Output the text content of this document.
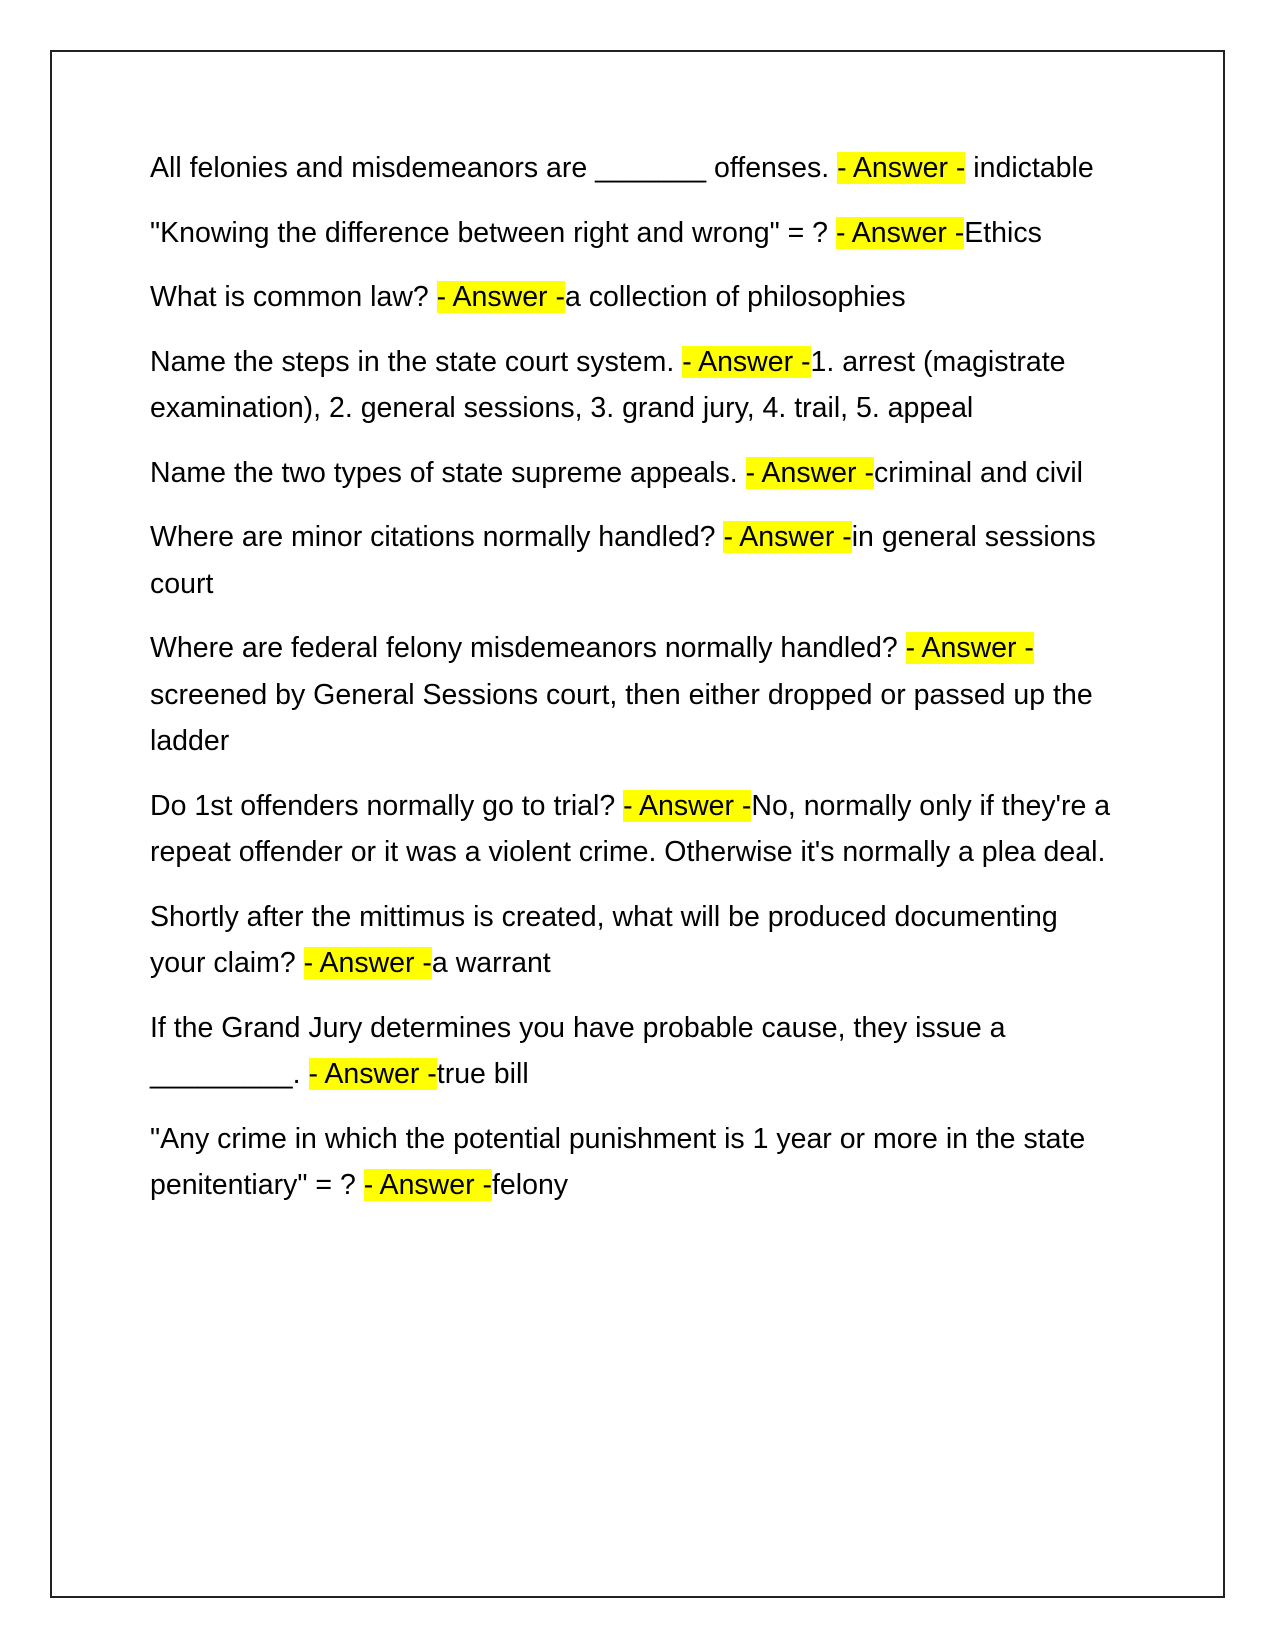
All felonies and misdemeanors are _______ offenses. - Answer - indictable

"Knowing the difference between right and wrong" = ? - Answer -Ethics

What is common law? - Answer -a collection of philosophies

Name the steps in the state court system. - Answer -1. arrest (magistrate examination), 2. general sessions, 3. grand jury, 4. trail, 5. appeal

Name the two types of state supreme appeals. - Answer -criminal and civil

Where are minor citations normally handled? - Answer -in general sessions court

Where are federal felony misdemeanors normally handled? - Answer - screened by General Sessions court, then either dropped or passed up the ladder

Do 1st offenders normally go to trial? - Answer -No, normally only if they're a repeat offender or it was a violent crime. Otherwise it's normally a plea deal.

Shortly after the mittimus is created, what will be produced documenting your claim? - Answer -a warrant

If the Grand Jury determines you have probable cause, they issue a _________. - Answer -true bill

"Any crime in which the potential punishment is 1 year or more in the state penitentiary" = ? - Answer -felony
